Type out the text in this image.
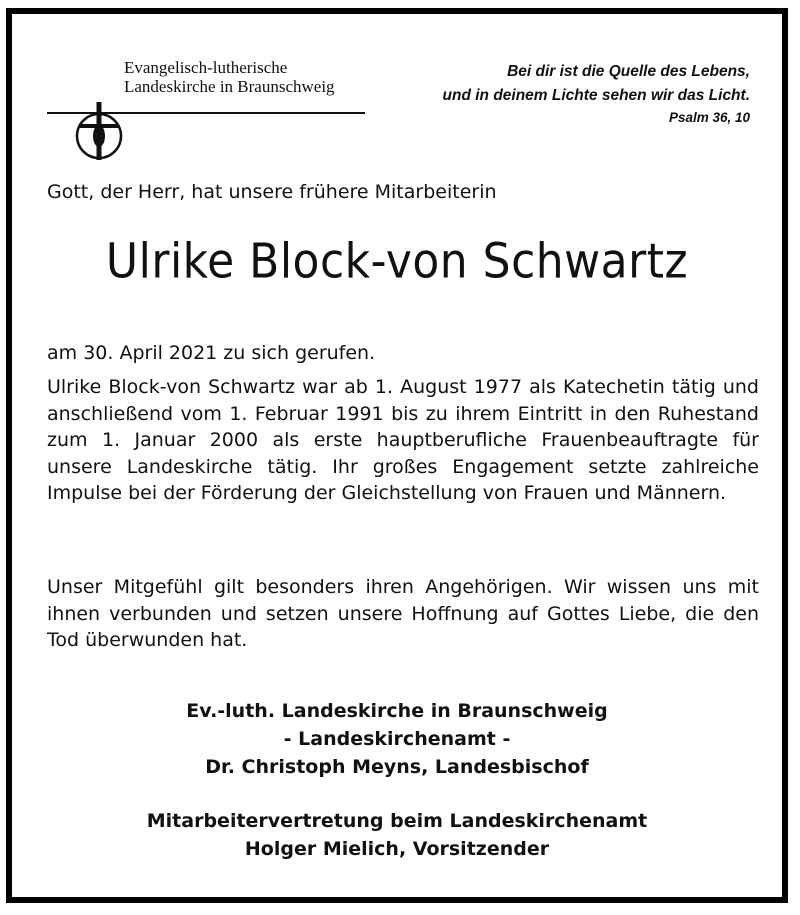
Evangelisch-lutherische
Landeskirche in Braunschweig
Bei dir ist die Quelle des Lebens,
und in deinem Lichte sehen wir das Licht.
Psalm 36, 10
Gott, der Herr, hat unsere frühere Mitarbeiterin
Ulrike Block-von Schwartz
am 30. April 2021 zu sich gerufen.
Ulrike Block-von Schwartz war ab 1. August 1977 als Katechetin tätig und anschließend vom 1. Februar 1991 bis zu ihrem Eintritt in den Ruhestand zum 1. Januar 2000 als erste hauptberufliche Frauenbeauftragte für unsere Landeskirche tätig. Ihr großes Engagement setzte zahlreiche Impulse bei der Förderung der Gleichstellung von Frauen und Männern.
Unser Mitgefühl gilt besonders ihren Angehörigen. Wir wissen uns mit ihnen verbunden und setzen unsere Hoffnung auf Gottes Liebe, die den Tod überwunden hat.
Ev.-luth. Landeskirche in Braunschweig
- Landeskirchenamt -
Dr. Christoph Meyns, Landesbischof
Mitarbeitervertretung beim Landeskirchenamt
Holger Mielich, Vorsitzender
